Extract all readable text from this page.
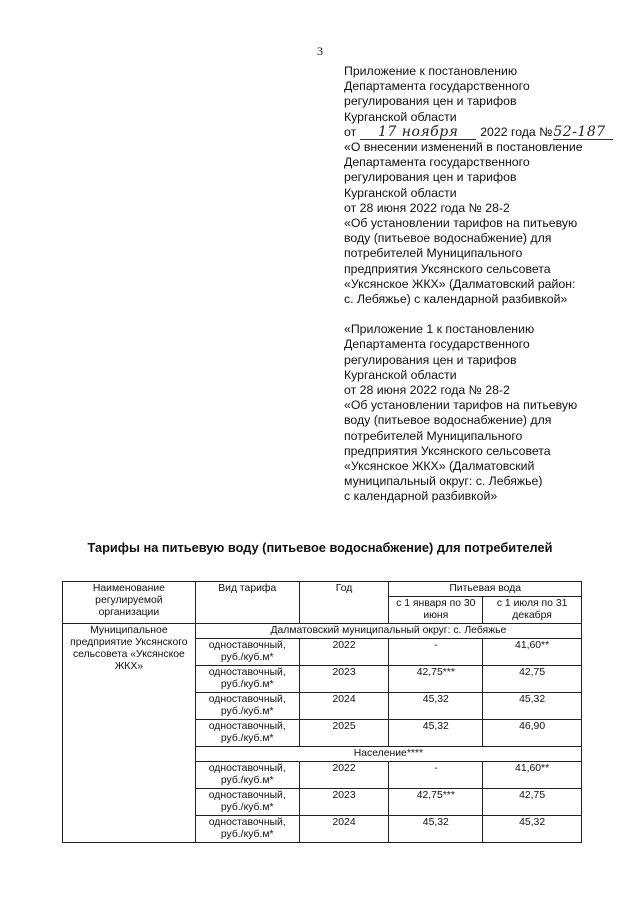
3

Приложение к постановлению
Департамента государственного
регулирования цен и тарифов
Курганской области

от	17 ноября	2022 года № 52-187

«О внесении изменений в постановление
Департамента государственного
регулирования цен и тарифов
Курганской области
от 28 июня 2022 года № 28-2
«Об установлении тарифов на питьевую
воду (питьевое водоснабжение) для
потребителей Муниципального
предприятия Уксянского сельсовета
«Уксянское ЖКХ» (Далматовский район:
с. Лебяжье) с календарной разбивкой»

«Приложение 1 к постановлению
Департамента государственного
регулирования цен и тарифов
Курганской области
от 28 июня 2022 года № 28-2
«Об установлении тарифов на питьевую
воду (питьевое водоснабжение) для
потребителей Муниципального
предприятия Уксянского сельсовета
«Уксянское ЖКХ» (Далматовский
муниципальный округ: с. Лебяжье)
с календарной разбивкой»

Тарифы на питьевую воду (питьевое водоснабжение) для потребителей
Наименование регулируемой организации	Вид тарифа	Год	Питьевая вода	
			с 1 января по 30 июня	с 1 июля по 31 декабря
Муниципальное предприятие Уксянского сельсовета «Уксянское ЖКХ»	Далматовский муниципальный округ: с. Лебяжье			
	одноставочный, руб./куб.м*	2022	-	41,60**
	одноставочный, руб./куб.м*	2023	42,75***	42,75
	одноставочный, руб./куб.м*	2024	45,32	45,32
	одноставочный, руб./куб.м*	2025	45,32	46,90
	Население****			
	одноставочный, руб./куб.м*	2022	-	41,60**
	одноставочный, руб./куб.м*	2023	42,75***	42,75
	одноставочный, руб./куб.м*	2024	45,32	45,32
